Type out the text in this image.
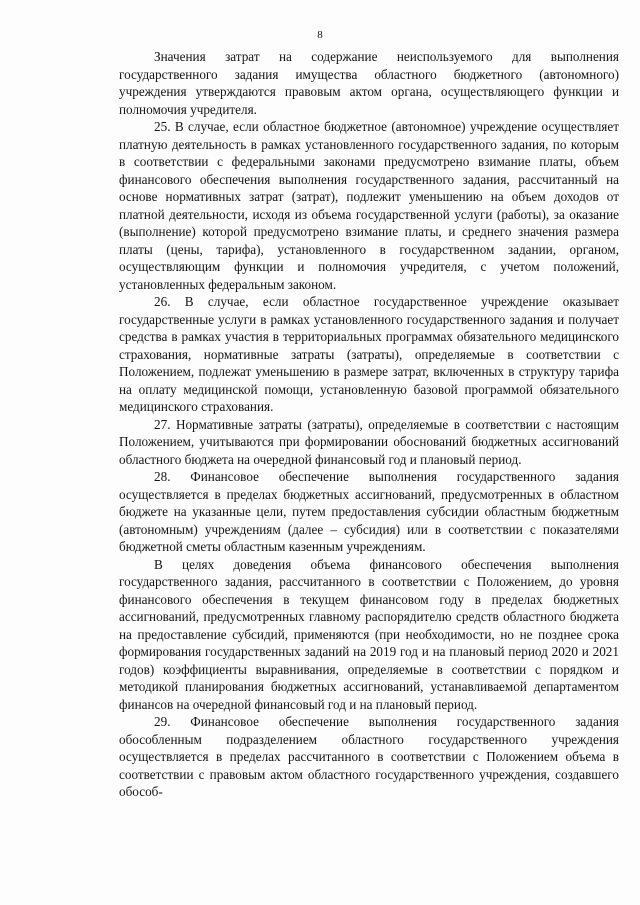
8

Значения затрат на содержание неиспользуемого для выполнения государственного задания имущества областного бюджетного (автономного) учреждения утверждаются правовым актом органа, осуществляющего функции и полномочия учредителя.

25. В случае, если областное бюджетное (автономное) учреждение осуществляет платную деятельность в рамках установленного государственного задания, по которым в соответствии с федеральными законами предусмотрено взимание платы, объем финансового обеспечения выполнения государственного задания, рассчитанный на основе нормативных затрат (затрат), подлежит уменьшению на объем доходов от платной деятельности, исходя из объема государственной услуги (работы), за оказание (выполнение) которой предусмотрено взимание платы, и среднего значения размера платы (цены, тарифа), установленного в государственном задании, органом, осуществляющим функции и полномочия учредителя, с учетом положений, установленных федеральным законом.

26. В случае, если областное государственное учреждение оказывает государственные услуги в рамках установленного государственного задания и получает средства в рамках участия в территориальных программах обязательного медицинского страхования, нормативные затраты (затраты), определяемые в соответствии с Положением, подлежат уменьшению в размере затрат, включенных в структуру тарифа на оплату медицинской помощи, установленную базовой программой обязательного медицинского страхования.

27. Нормативные затраты (затраты), определяемые в соответствии с настоящим Положением, учитываются при формировании обоснований бюджетных ассигнований областного бюджета на очередной финансовый год и плановый период.

28. Финансовое обеспечение выполнения государственного задания осуществляется в пределах бюджетных ассигнований, предусмотренных в областном бюджете на указанные цели, путем предоставления субсидии областным бюджетным (автономным) учреждениям (далее – субсидия) или в соответствии с показателями бюджетной сметы областным казенным учреждениям.

В целях доведения объема финансового обеспечения выполнения государственного задания, рассчитанного в соответствии с Положением, до уровня финансового обеспечения в текущем финансовом году в пределах бюджетных ассигнований, предусмотренных главному распорядителю средств областного бюджета на предоставление субсидий, применяются (при необходимости, но не позднее срока формирования государственных заданий на 2019 год и на плановый период 2020 и 2021 годов) коэффициенты выравнивания, определяемые в соответствии с порядком и методикой планирования бюджетных ассигнований, устанавливаемой департаментом финансов на очередной финансовый год и на плановый период.

29. Финансовое обеспечение выполнения государственного задания обособленным подразделением областного государственного учреждения осуществляется в пределах рассчитанного в соответствии с Положением объема в соответствии с правовым актом областного государственного учреждения, создавшего обособ-
